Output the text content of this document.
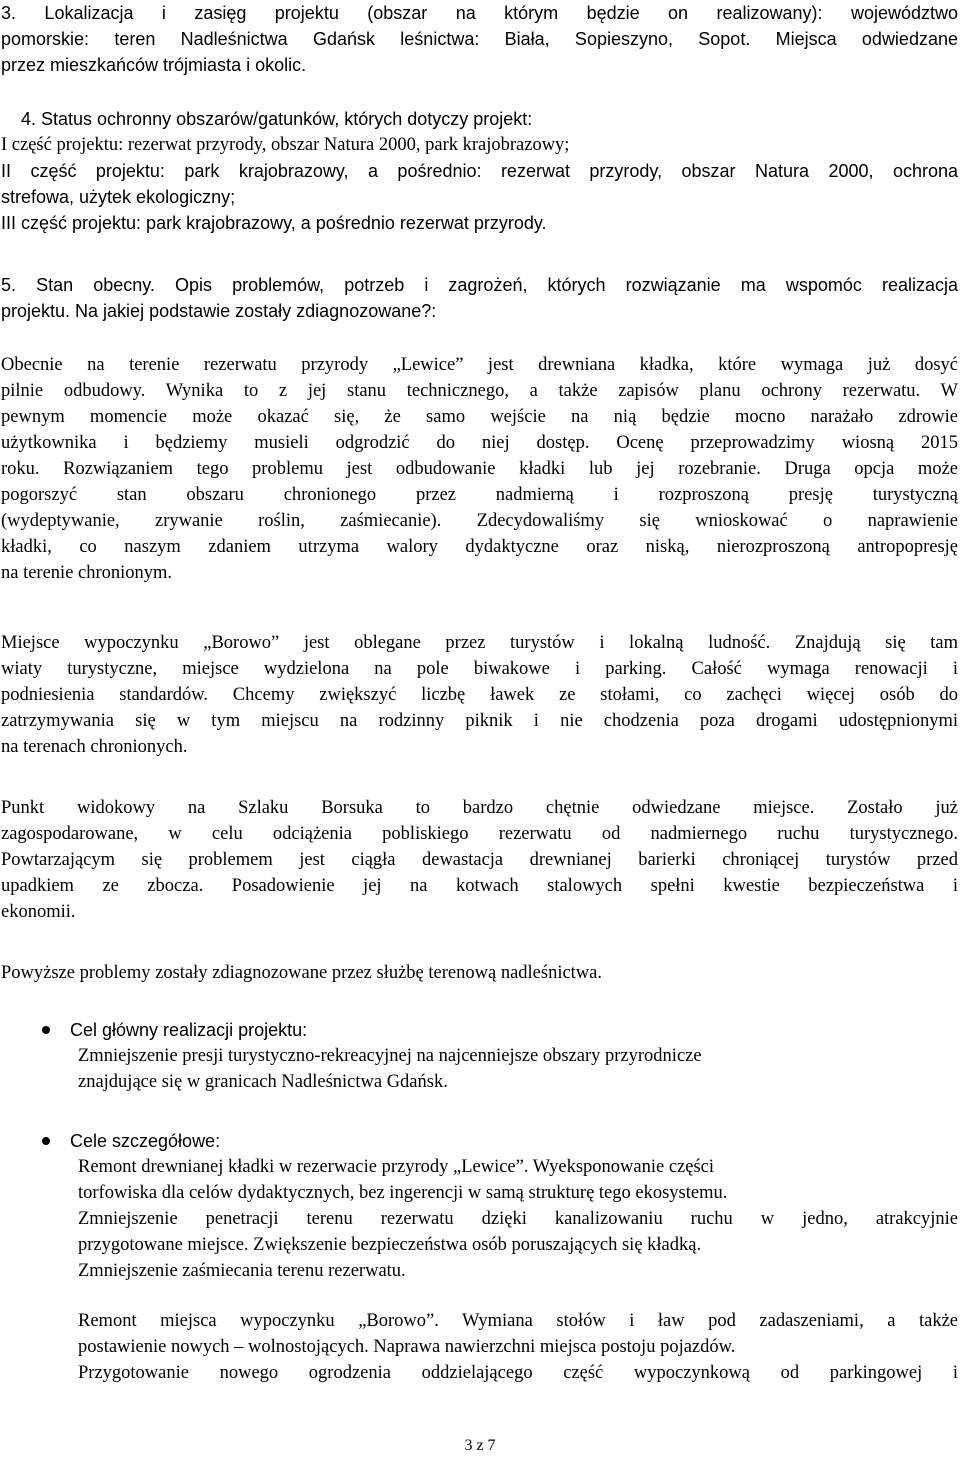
3. Lokalizacja i zasięg projektu (obszar na którym będzie on realizowany): województwo
pomorskie: teren Nadleśnictwa Gdańsk leśnictwa: Biała, Sopieszyno, Sopot. Miejsca odwiedzane
przez mieszkańców trójmiasta i okolic.
4. Status ochronny obszarów/gatunków, których dotyczy projekt:
I część projektu: rezerwat przyrody, obszar Natura 2000, park krajobrazowy;
II część projektu: park krajobrazowy, a pośrednio: rezerwat przyrody, obszar Natura 2000, ochrona
strefowa, użytek ekologiczny;
III część projektu: park krajobrazowy, a pośrednio rezerwat przyrody.
5. Stan obecny. Opis problemów, potrzeb i zagrożeń, których rozwiązanie ma wspomóc realizacja
projektu. Na jakiej podstawie zostały zdiagnozowane?:
Obecnie na terenie rezerwatu przyrody „Lewice” jest drewniana kładka, które wymaga już dosyć
pilnie odbudowy. Wynika to z jej stanu technicznego, a także zapisów planu ochrony rezerwatu. W
pewnym momencie może okazać się, że samo wejście na nią będzie mocno narażało zdrowie
użytkownika i będziemy musieli odgrodzić do niej dostęp. Ocenę przeprowadzimy wiosną 2015
roku. Rozwiązaniem tego problemu jest odbudowanie kładki lub jej rozebranie. Druga opcja może
pogorszyć stan obszaru chronionego przez nadmierną i rozproszoną presję turystyczną
(wydeptywanie, zrywanie roślin, zaśmiecanie). Zdecydowaliśmy się wnioskować o naprawienie
kładki, co naszym zdaniem utrzyma walory dydaktyczne oraz niską, nierozproszoną antropopresję
na terenie chronionym.
Miejsce wypoczynku „Borowo” jest oblegane przez turystów i lokalną ludność. Znajdują się tam
wiaty turystyczne, miejsce wydzielona na pole biwakowe i parking. Całość wymaga renowacji i
podniesienia standardów. Chcemy zwiększyć liczbę ławek ze stołami, co zachęci więcej osób do
zatrzymywania się w tym miejscu na rodzinny piknik i nie chodzenia poza drogami udostępnionymi
na terenach chronionych.
Punkt widokowy na Szlaku Borsuka to bardzo chętnie odwiedzane miejsce. Zostało już
zagospodarowane, w celu odciążenia pobliskiego rezerwatu od nadmiernego ruchu turystycznego.
Powtarzającym się problemem jest ciągła dewastacja drewnianej barierki chroniącej turystów przed
upadkiem ze zbocza. Posadowienie jej na kotwach stalowych spełni kwestie bezpieczeństwa i
ekonomii.
Powyższe problemy zostały zdiagnozowane przez służbę terenową nadleśnictwa.
Cel główny realizacji projektu:
Zmniejszenie presji turystyczno-rekreacyjnej na najcenniejsze obszary przyrodnicze
znajdujące się w granicach Nadleśnictwa Gdańsk.
Cele szczegółowe:
Remont drewnianej kładki w rezerwacie przyrody „Lewice”. Wyeksponowanie części
torfowiska dla celów dydaktycznych, bez ingerencji w samą strukturę tego ekosystemu.
Zmniejszenie penetracji terenu rezerwatu dzięki kanalizowaniu ruchu w jedno, atrakcyjnie
przygotowane miejsce. Zwiększenie bezpieczeństwa osób poruszających się kładką.
Zmniejszenie zaśmiecania terenu rezerwatu.
Remont miejsca wypoczynku „Borowo”. Wymiana stołów i ław pod zadaszeniami, a także
postawienie nowych – wolnostojących. Naprawa nawierzchni miejsca postoju pojazdów.
Przygotowanie nowego ogrodzenia oddzielającego część wypoczynkową od parkingowej i
3 z 7
